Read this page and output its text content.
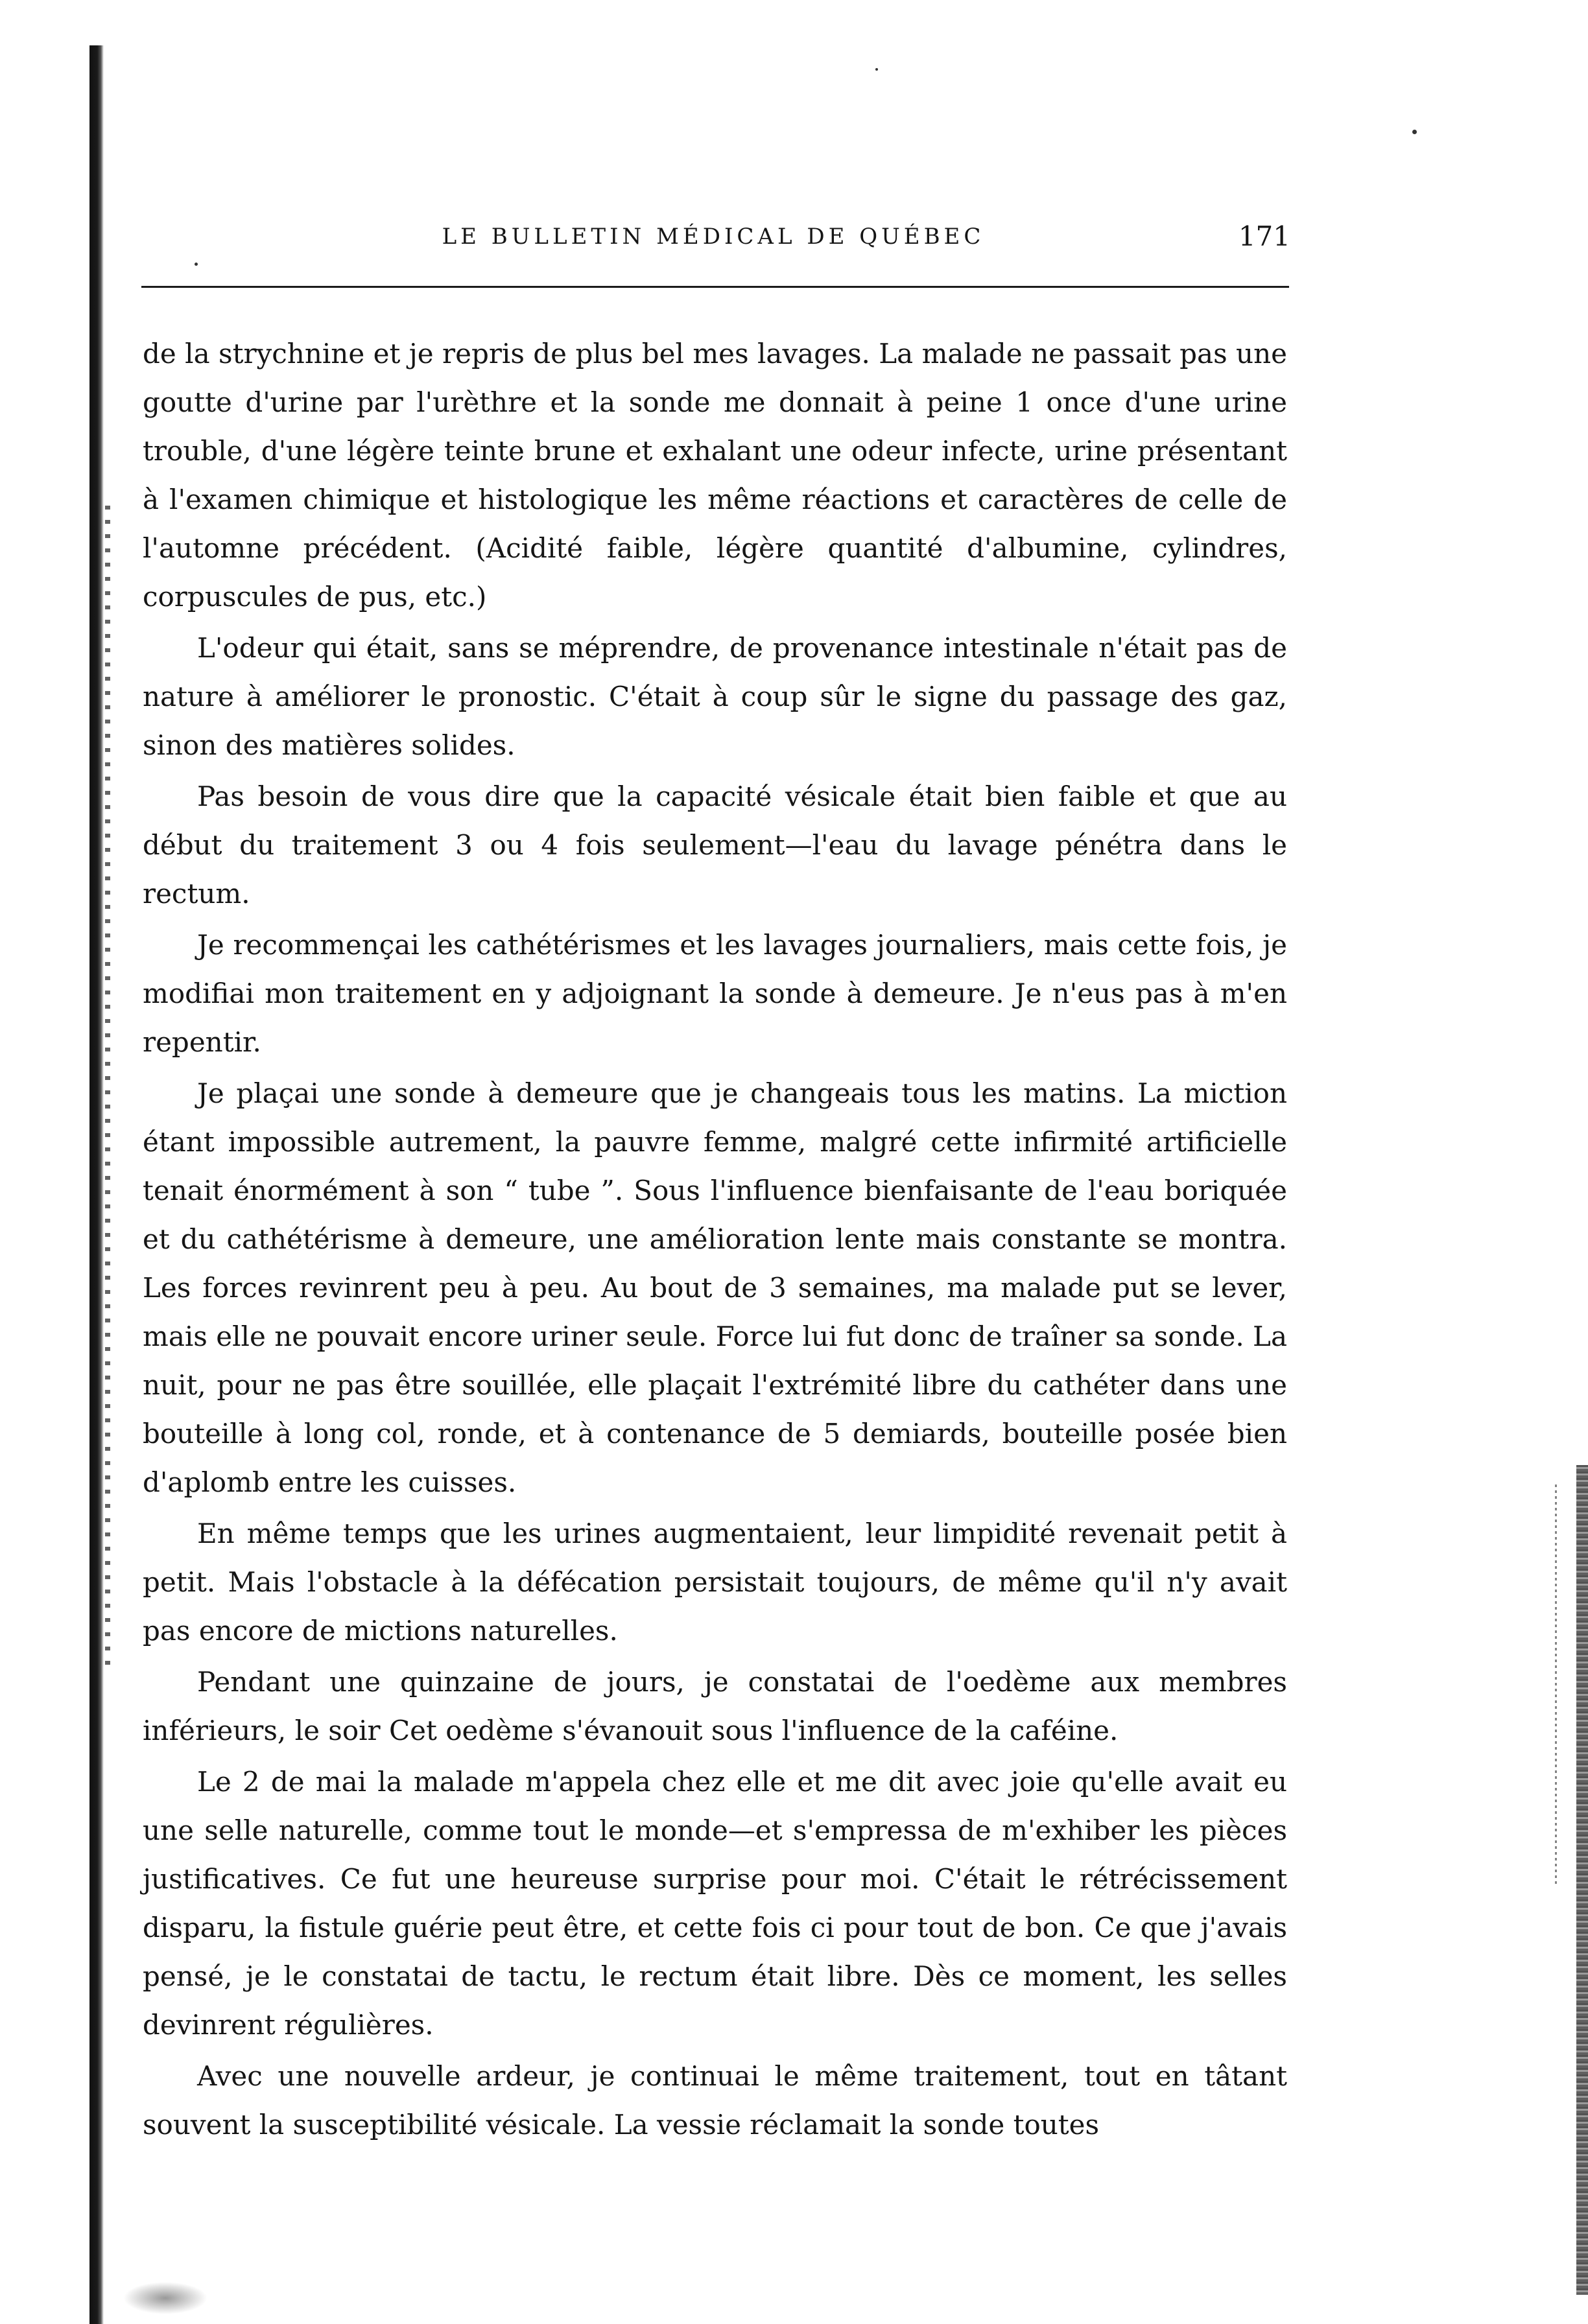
LE BULLETIN MÉDICAL DE QUÉBEC	171

de la strychnine et je repris de plus bel mes lavages. La malade ne passait pas une goutte d'urine par l'urèthre et la sonde me donnait à peine 1 once d'une urine trouble, d'une légère teinte brune et exhalant une odeur infecte, urine présentant à l'examen chimique et histologique les même réactions et caractères de celle de l'automne précédent. (Acidité faible, légère quantité d'albumine, cylindres, corpuscules de pus, etc.)

L'odeur qui était, sans se méprendre, de provenance intestinale n'était pas de nature à améliorer le pronostic. C'était à coup sûr le signe du passage des gaz, sinon des matières solides.

Pas besoin de vous dire que la capacité vésicale était bien faible et que au début du traitement 3 ou 4 fois seulement—l'eau du lavage pénétra dans le rectum.

Je recommençai les cathétérismes et les lavages journaliers, mais cette fois, je modifiai mon traitement en y adjoignant la sonde à demeure. Je n'eus pas à m'en repentir.

Je plaçai une sonde à demeure que je changeais tous les matins. La miction étant impossible autrement, la pauvre femme, malgré cette infirmité artificielle tenait énormément à son “ tube ”. Sous l'influence bienfaisante de l'eau boriquée et du cathétérisme à demeure, une amélioration lente mais constante se montra. Les forces revinrent peu à peu. Au bout de 3 semaines, ma malade put se lever, mais elle ne pouvait encore uriner seule. Force lui fut donc de traîner sa sonde. La nuit, pour ne pas être souillée, elle plaçait l'extrémité libre du cathéter dans une bouteille à long col, ronde, et à contenance de 5 demiards, bouteille posée bien d'aplomb entre les cuisses.

En même temps que les urines augmentaient, leur limpidité revenait petit à petit. Mais l'obstacle à la défécation persistait toujours, de même qu'il n'y avait pas encore de mictions naturelles.

Pendant une quinzaine de jours, je constatai de l'oedème aux membres inférieurs, le soir Cet oedème s'évanouit sous l'influence de la caféine.

Le 2 de mai la malade m'appela chez elle et me dit avec joie qu'elle avait eu une selle naturelle, comme tout le monde—et s'empressa de m'exhiber les pièces justificatives. Ce fut une heureuse surprise pour moi. C'était le rétrécissement disparu, la fistule guérie peut être, et cette fois ci pour tout de bon. Ce que j'avais pensé, je le constatai de tactu, le rectum était libre. Dès ce moment, les selles devinrent régulières.

Avec une nouvelle ardeur, je continuai le même traitement, tout en tâtant souvent la susceptibilité vésicale. La vessie réclamait la sonde toutes
